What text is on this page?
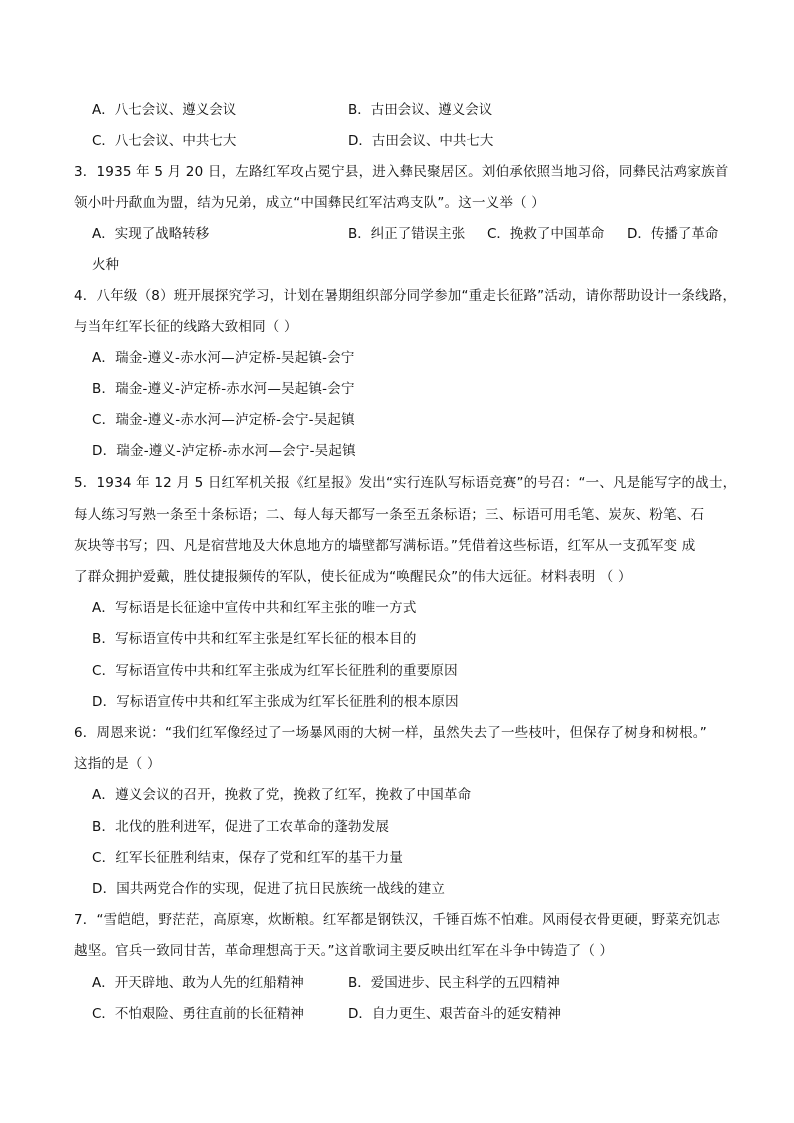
A．八七会议、遵义会议	B．古田会议、遵义会议
C．八七会议、中共七大	D．古田会议、中共七大
3．1935 年 5 月 20 日，左路红军攻占冕宁县，进入彝民聚居区。刘伯承依照当地习俗，同彝民沽鸡家族首
领小叶丹歃血为盟，结为兄弟，成立“中国彝民红军沽鸡支队”。这一义举（ ）
A．实现了战略转移	B．纠正了错误主张 C．挽救了中国革命 D．传播了革命
火种
4．八年级（8）班开展探究学习，计划在暑期组织部分同学参加“重走长征路”活动，请你帮助设计一条线路，
与当年红军长征的线路大致相同（ ）
A．瑞金-遵义-赤水河—泸定桥-吴起镇-会宁
B．瑞金-遵义-泸定桥-赤水河—吴起镇-会宁
C．瑞金-遵义-赤水河—泸定桥-会宁-吴起镇
D．瑞金-遵义-泸定桥-赤水河—会宁-吴起镇
5．1934 年 12 月 5 日红军机关报《红星报》发出“实行连队写标语竞赛”的号召：“一、凡是能写字的战士，
每人练习写熟一条至十条标语；二、每人每天都写一条至五条标语；三、标语可用毛笔、炭灰、粉笔、石
灰块等书写；四、凡是宿营地及大休息地方的墙壁都写满标语。”凭借着这些标语，红军从一支孤军变 成
了群众拥护爱戴，胜仗捷报频传的军队，使长征成为“唤醒民众”的伟大远征。材料表明 （ ）
A．写标语是长征途中宣传中共和红军主张的唯一方式
B．写标语宣传中共和红军主张是红军长征的根本目的
C．写标语宣传中共和红军主张成为红军长征胜利的重要原因
D．写标语宣传中共和红军主张成为红军长征胜利的根本原因
6．周恩来说：“我们红军像经过了一场暴风雨的大树一样，虽然失去了一些枝叶，但保存了树身和树根。”
这指的是（ ）
A．遵义会议的召开，挽救了党，挽救了红军，挽救了中国革命
B．北伐的胜利进军，促进了工农革命的蓬勃发展
C．红军长征胜利结束，保存了党和红军的基干力量
D．国共两党合作的实现，促进了抗日民族统一战线的建立
7．“雪皑皑，野茫茫，高原寒，炊断粮。红军都是钢铁汉，千锤百炼不怕难。风雨侵衣骨更硬，野菜充饥志
越坚。官兵一致同甘苦，革命理想高于天。”这首歌词主要反映出红军在斗争中铸造了（ ）
A．开天辟地、敢为人先的红船精神	B．爱国进步、民主科学的五四精神
C．不怕艰险、勇往直前的长征精神	D．自力更生、艰苦奋斗的延安精神
